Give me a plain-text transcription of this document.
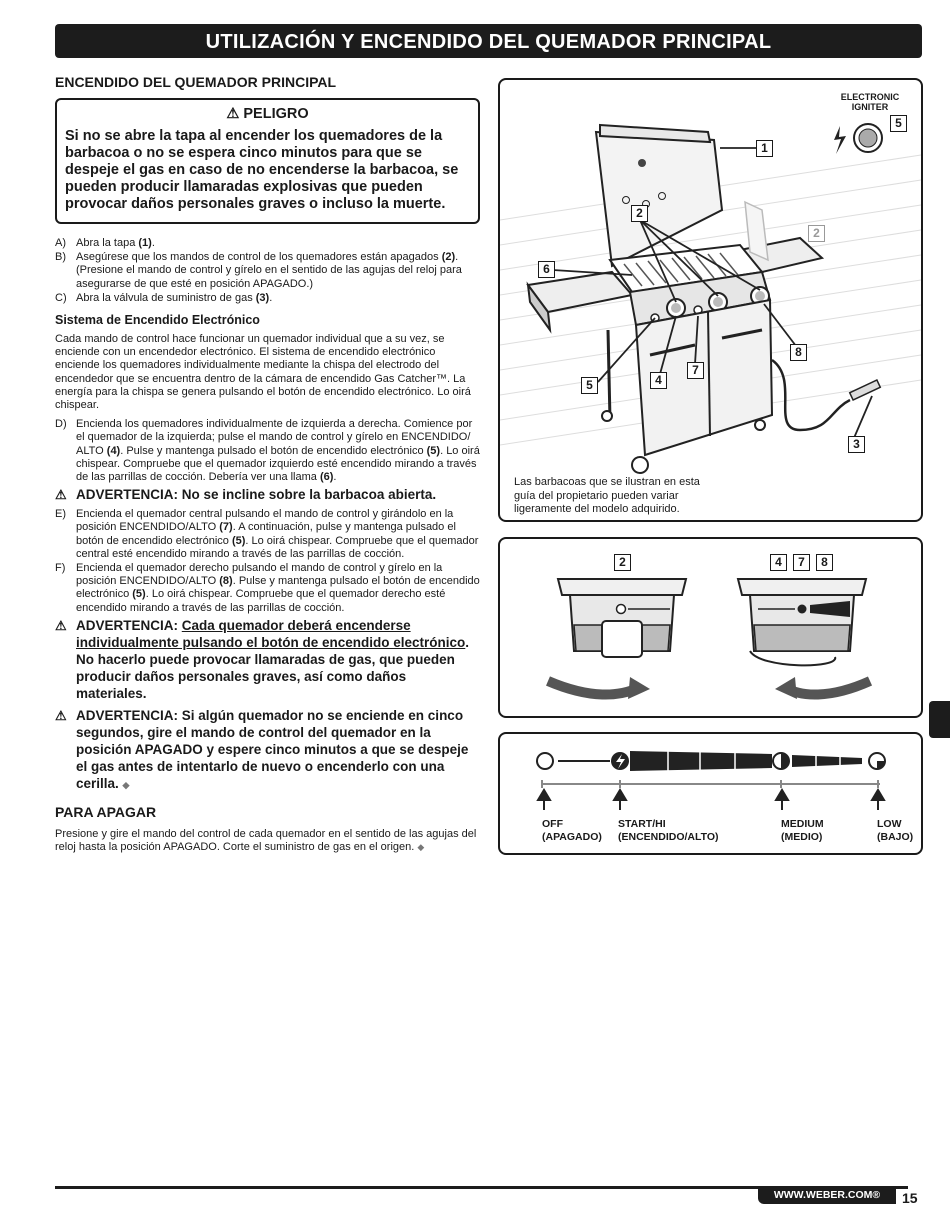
UTILIZACIÓN Y ENCENDIDO DEL QUEMADOR PRINCIPAL
ENCENDIDO DEL QUEMADOR PRINCIPAL
⚠ PELIGRO
Si no se abre la tapa al encender los quemadores de la barbacoa o no se espera cinco minutos para que se despeje el gas en caso de no encenderse la barbacoa, se pueden producir llamaradas explosivas que pueden provocar daños personales graves o incluso la muerte.
A) Abra la tapa (1).
B) Asegúrese que los mandos de control de los quemadores están apagados (2). (Presione el mando de control y gírelo en el sentido de las agujas del reloj para asegurarse de que esté en posición APAGADO.)
C) Abra la válvula de suministro de gas (3).
Sistema de Encendido Electrónico
Cada mando de control hace funcionar un quemador individual que a su vez, se enciende con un encendedor electrónico. El sistema de encendido electrónico enciende los quemadores individualmente mediante la chispa del electrodo del encendedor que se encuentra dentro de la cámara de encendido Gas Catcher™. La energía para la chispa se genera pulsando el botón de encendido electrónico. Lo oirá chispear.
D) Encienda los quemadores individualmente de izquierda a derecha. Comience por el quemador de la izquierda; pulse el mando de control y gírelo en ENCENDIDO/ ALTO (4). Pulse y mantenga pulsado el botón de encendido electrónico (5). Lo oirá chispear. Compruebe que el quemador izquierdo esté encendido mirando a través de las parrillas de cocción. Debería ver una llama (6).
⚠ ADVERTENCIA: No se incline sobre la barbacoa abierta.
E) Encienda el quemador central pulsando el mando de control y girándolo en la posición ENCENDIDO/ALTO (7). A continuación, pulse y mantenga pulsado el botón de encendido electrónico (5). Lo oirá chispear. Compruebe que el quemador central esté encendido mirando a través de las parrillas de cocción.
F) Encienda el quemador derecho pulsando el mando de control y gírelo en la posición ENCENDIDO/ALTO (8). Pulse y mantenga pulsado el botón de encendido electrónico (5). Lo oirá chispear. Compruebe que el quemador derecho esté encendido mirando a través de las parrillas de cocción.
⚠ ADVERTENCIA: Cada quemador deberá encenderse individualmente pulsando el botón de encendido electrónico. No hacerlo puede provocar llamaradas de gas, que pueden producir daños personales graves, así como daños materiales.
⚠ ADVERTENCIA: Si algún quemador no se enciende en cinco segundos, gire el mando de control del quemador en la posición APAGADO y espere cinco minutos a que se despeje el gas antes de intentarlo de nuevo o encenderlo con una cerilla. ◆
PARA APAGAR
Presione y gire el mando del control de cada quemador en el sentido de las agujas del reloj hasta la posición APAGADO. Corte el suministro de gas en el origen. ◆
ELECTRONIC IGNITER
5
1
2
2
6
8
7
4
5
3
Las barbacoas que se ilustran en esta guía del propietario pueden variar ligeramente del modelo adquirido.
2	4	7	8
OFF
(APAGADO)
START/HI
(ENCENDIDO/ALTO)
MEDIUM
(MEDIO)
LOW
(BAJO)
WWW.WEBER.COM®	15
